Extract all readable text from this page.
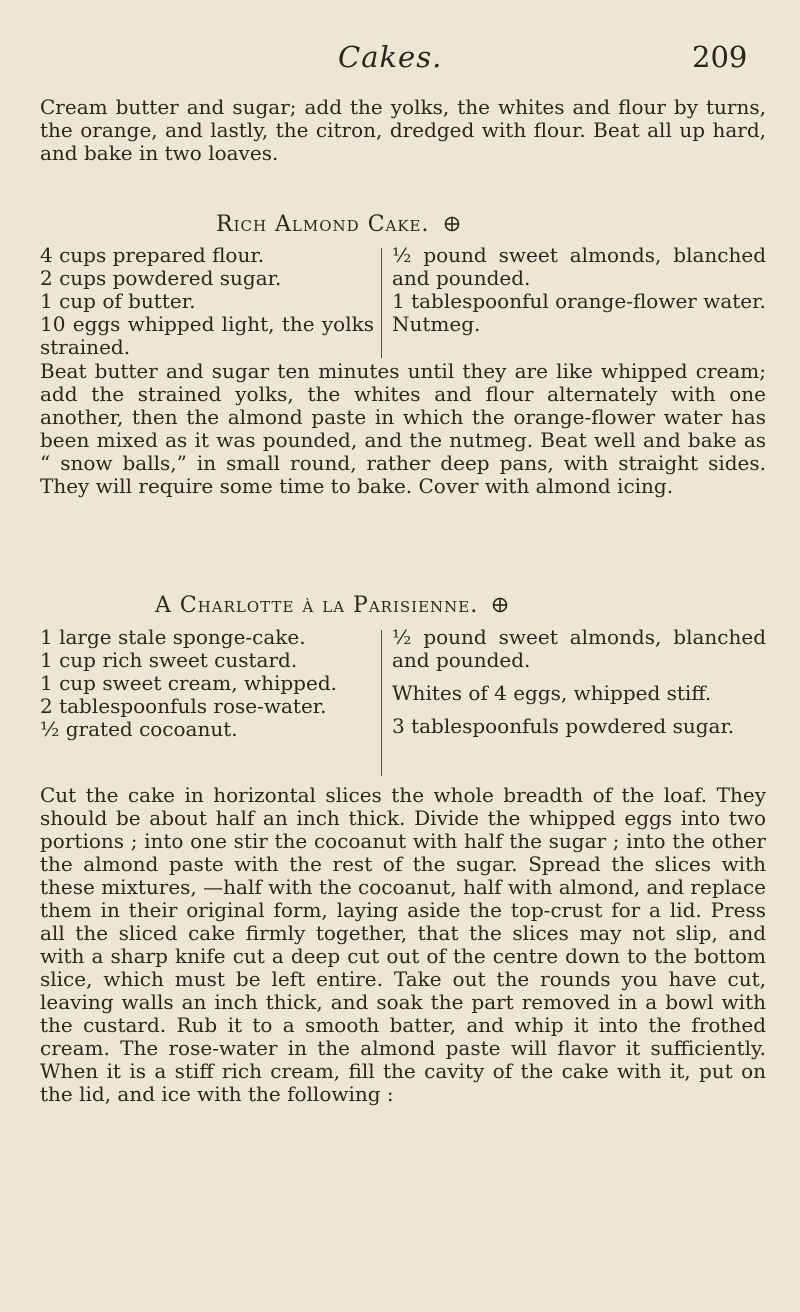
Cakes.	209

Cream butter and sugar; add the yolks, the whites and flour by turns, the orange, and lastly, the citron, dredged with flour. Beat all up hard, and bake in two loaves.

Rich Almond Cake.

4 cups prepared flour.

2 cups powdered sugar.

1 cup of butter.

10 eggs whipped light, the yolks strained.

½ pound sweet almonds, blanched and pounded.

1 tablespoonful orange-flower water.

Nutmeg.

Beat butter and sugar ten minutes until they are like whipped cream; add the strained yolks, the whites and flour alternately with one another, then the almond paste in which the orange-flower water has been mixed as it was pounded, and the nutmeg. Beat well and bake as “ snow balls,” in small round, rather deep pans, with straight sides. They will require some time to bake. Cover with almond icing.

A Charlotte à la Parisienne.

1 large stale sponge-cake.

1 cup rich sweet custard.

1 cup sweet cream, whipped.

2 tablespoonfuls rose-water.

½ grated cocoanut.

½ pound sweet almonds, blanched and pounded.

Whites of 4 eggs, whipped stiff.

3 tablespoonfuls powdered sugar.

Cut the cake in horizontal slices the whole breadth of the loaf. They should be about half an inch thick. Divide the whipped eggs into two portions ; into one stir the cocoanut with half the sugar ; into the other the almond paste with the rest of the sugar. Spread the slices with these mixtures, —half with the cocoanut, half with almond, and replace them in their original form, laying aside the top-crust for a lid. Press all the sliced cake firmly together, that the slices may not slip, and with a sharp knife cut a deep cut out of the centre down to the bottom slice, which must be left entire. Take out the rounds you have cut, leaving walls an inch thick, and soak the part removed in a bowl with the custard. Rub it to a smooth batter, and whip it into the frothed cream. The rose-water in the almond paste will flavor it sufficiently. When it is a stiff rich cream, fill the cavity of the cake with it, put on the lid, and ice with the following :
